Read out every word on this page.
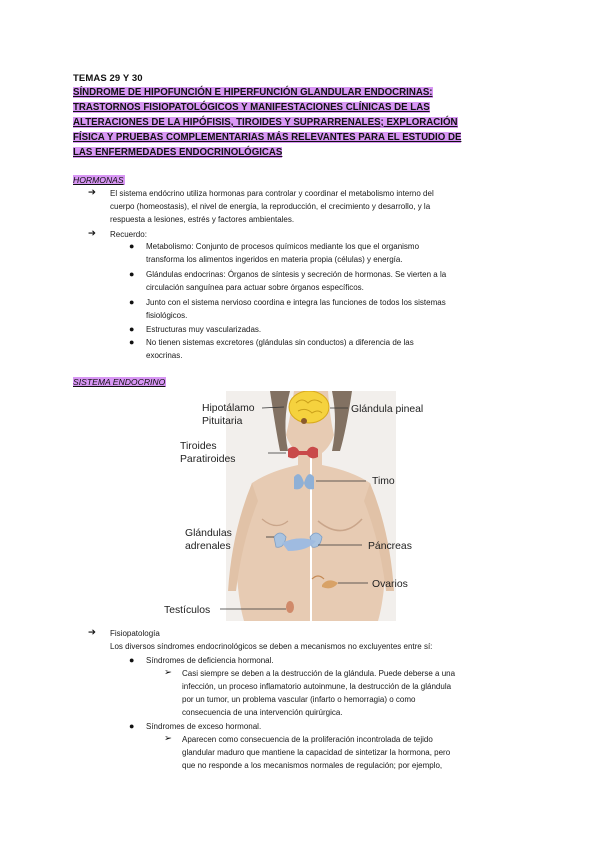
TEMAS 29 Y 30
SÍNDROME DE HIPOFUNCIÓN E HIPERFUNCIÓN GLANDULAR ENDOCRINAS:
TRASTORNOS FISIOPATOLÓGICOS Y MANIFESTACIONES CLÍNICAS DE LAS
ALTERACIONES DE LA HIPÓFISIS, TIROIDES Y SUPRARRENALES; EXPLORACIÓN
FÍSICA Y PRUEBAS COMPLEMENTARIAS MÁS RELEVANTES PARA EL ESTUDIO DE
LAS ENFERMEDADES ENDOCRINOLÓGICAS
HORMONAS
➔ El sistema endócrino utiliza hormonas para controlar y coordinar el metabolismo interno del
cuerpo (homeostasis), el nivel de energía, la reproducción, el crecimiento y desarrollo, y la
respuesta a lesiones, estrés y factores ambientales.
➔ Recuerdo:
● Metabolismo: Conjunto de procesos químicos mediante los que el organismo
transforma los alimentos ingeridos en materia propia (células) y energía.
● Glándulas endocrinas: Órganos de síntesis y secreción de hormonas. Se vierten a la
circulación sanguínea para actuar sobre órganos específicos.
● Junto con el sistema nervioso coordina e integra las funciones de todos los sistemas
fisiológicos.
● Estructuras muy vascularizadas.
● No tienen sistemas excretores (glándulas sin conductos) a diferencia de las
exocrinas.
SISTEMA ENDOCRINO
Hipotálamo
Pituitaria
Glándula pineal
Tiroides
Paratiroides
Timo
Glándulas
adrenales	Páncreas
Ovarios
Testículos
➔ Fisiopatología
Los diversos síndromes endocrinológicos se deben a mecanismos no excluyentes entre sí:
● Síndromes de deficiencia hormonal.
➢ Casi siempre se deben a la destrucción de la glándula. Puede deberse a una
infección, un proceso inflamatorio autoinmune, la destrucción de la glándula
por un tumor, un problema vascular (infarto o hemorragia) o como
consecuencia de una intervención quirúrgica.
● Síndromes de exceso hormonal.
➢ Aparecen como consecuencia de la proliferación incontrolada de tejido
glandular maduro que mantiene la capacidad de sintetizar la hormona, pero
que no responde a los mecanismos normales de regulación; por ejemplo,
